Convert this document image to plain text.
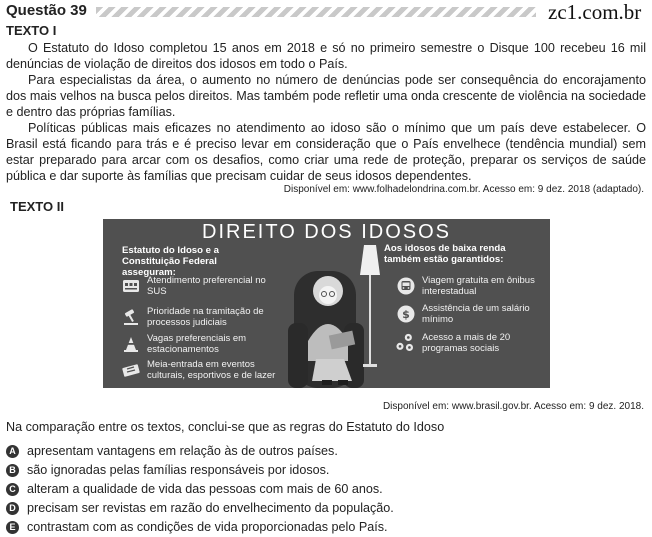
Questão 39	zc1.com.br
TEXTO I

O Estatuto do Idoso completou 15 anos em 2018 e só no primeiro semestre o Disque 100 recebeu 16 mil denúncias de violação de direitos dos idosos em todo o País.

Para especialistas da área, o aumento no número de denúncias pode ser consequência do encorajamento dos mais velhos na busca pelos direitos. Mas também pode refletir uma onda crescente de violência na sociedade e dentro das próprias famílias.

Políticas públicas mais eficazes no atendimento ao idoso são o mínimo que um país deve estabelecer. O Brasil está ficando para trás e é preciso levar em consideração que o País envelhece (tendência mundial) sem estar preparado para arcar com os desafios, como criar uma rede de proteção, preparar os serviços de saúde pública e dar suporte às famílias que precisam cuidar de seus idosos dependentes.

Disponível em: www.folhadelondrina.com.br. Acesso em: 9 dez. 2018 (adaptado).
TEXTO II
DIREITO DOS IDOSOS
Estatuto do Idoso e a Constituição Federal asseguram:
Atendimento preferencial no SUS
Prioridade na tramitação de processos judiciais
Vagas preferenciais em estacionamentos
Meia-entrada em eventos culturais, esportivos e de lazer
Aos idosos de baixa renda também estão garantidos:
Viagem gratuita em ônibus interestadual
$ Assistência de um salário mínimo
Acesso a mais de 20 programas sociais
Disponível em: www.brasil.gov.br. Acesso em: 9 dez. 2018.
Na comparação entre os textos, conclui-se que as regras do Estatuto do Idoso
A apresentam vantagens em relação às de outros países.
B são ignoradas pelas famílias responsáveis por idosos.
C alteram a qualidade de vida das pessoas com mais de 60 anos.
D precisam ser revistas em razão do envelhecimento da população.
E contrastam com as condições de vida proporcionadas pelo País.
